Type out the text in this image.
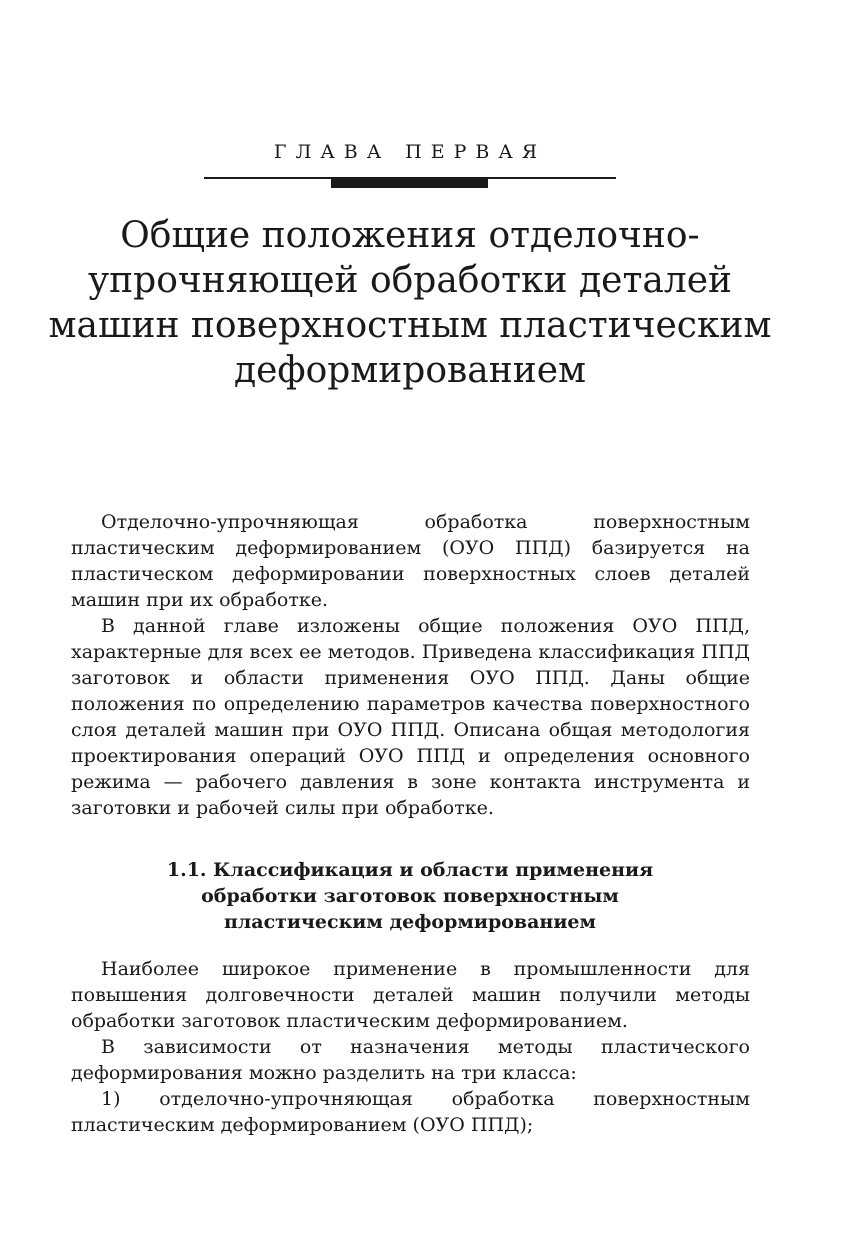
ГЛАВА ПЕРВАЯ
Общие положения отделочно-
упрочняющей обработки деталей
машин поверхностным пластическим
деформированием

Отделочно-упрочняющая обработка поверхностным пластическим деформированием (ОУО ППД) базируется на пластическом деформировании поверхностных слоев деталей машин при их обработке.

В данной главе изложены общие положения ОУО ППД, характерные для всех ее методов. Приведена классификация ППД заготовок и области применения ОУО ППД. Даны общие положения по определению параметров качества поверхностного слоя деталей машин при ОУО ППД. Описана общая методология проектирования операций ОУО ППД и определения основного режима — рабочего давления в зоне контакта инструмента и заготовки и рабочей силы при обработке.

1.1. Классификация и области применения
обработки заготовок поверхностным
пластическим деформированием

Наиболее широкое применение в промышленности для повышения долговечности деталей машин получили методы обработки заготовок пластическим деформированием.

В зависимости от назначения методы пластического деформирования можно разделить на три класса:

1) отделочно-упрочняющая обработка поверхностным пластическим деформированием (ОУО ППД);
